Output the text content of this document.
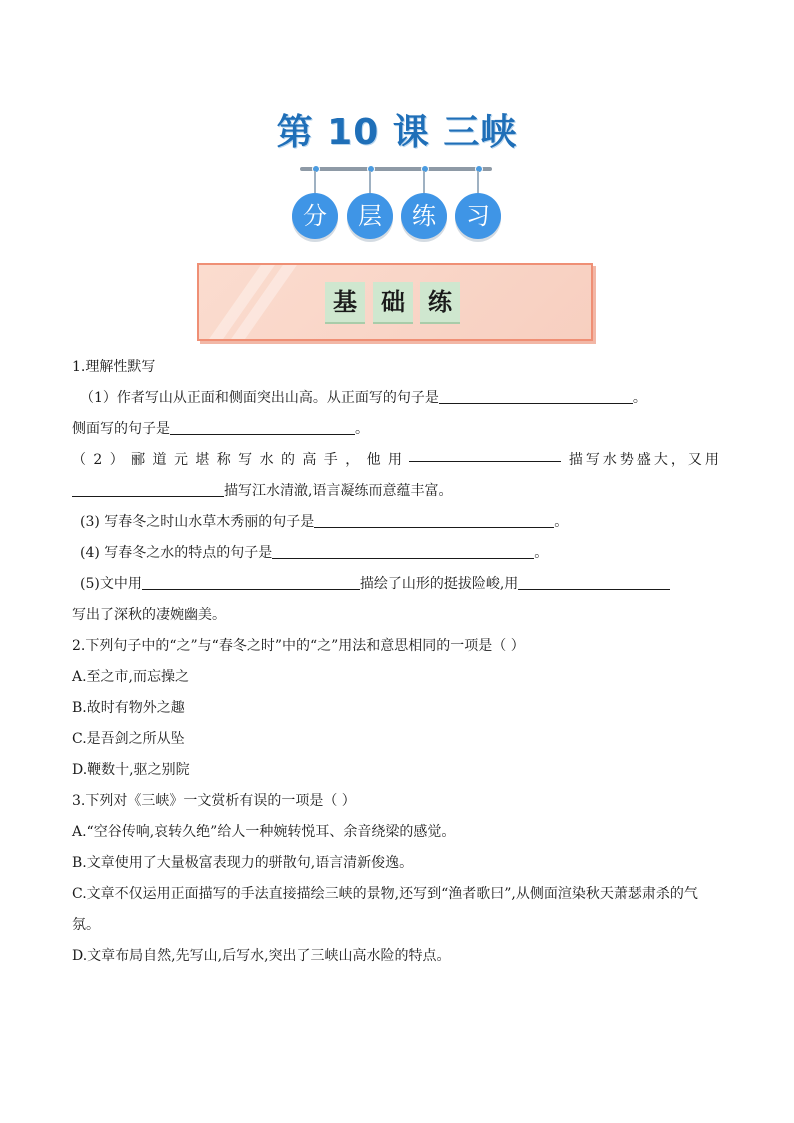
第 10 课 三峡
分	层	练	习
基	础 练
1.理解性默写
（1）作者写山从正面和侧面突出山高。从正面写的句子是	。
侧面写的句子是	。
（ 2 ） 郦 道 元 堪 称 写 水 的 高 手 ， 他 用	描写水势盛大，又用
描写江水清澈,语言凝练而意蕴丰富。
(3) 写春冬之时山水草木秀丽的句子是	。
(4) 写春冬之水的特点的句子是	。
(5)文中用	描绘了山形的挺拔险峻,用
写出了深秋的凄婉幽美。
2.下列句子中的“之”与“春冬之时”中的“之”用法和意思相同的一项是（ ）
A.至之市,而忘操之
B.故时有物外之趣
C.是吾剑之所从坠
D.鞭数十,驱之别院
3.下列对《三峡》一文赏析有误的一项是（ ）
A.“空谷传响,哀转久绝”给人一种婉转悦耳、余音绕梁的感觉。
B.文章使用了大量极富表现力的骈散句,语言清新俊逸。
C.文章不仅运用正面描写的手法直接描绘三峡的景物,还写到“渔者歌曰”,从侧面渲染秋天萧瑟肃杀的气氛。
D.文章布局自然,先写山,后写水,突出了三峡山高水险的特点。
